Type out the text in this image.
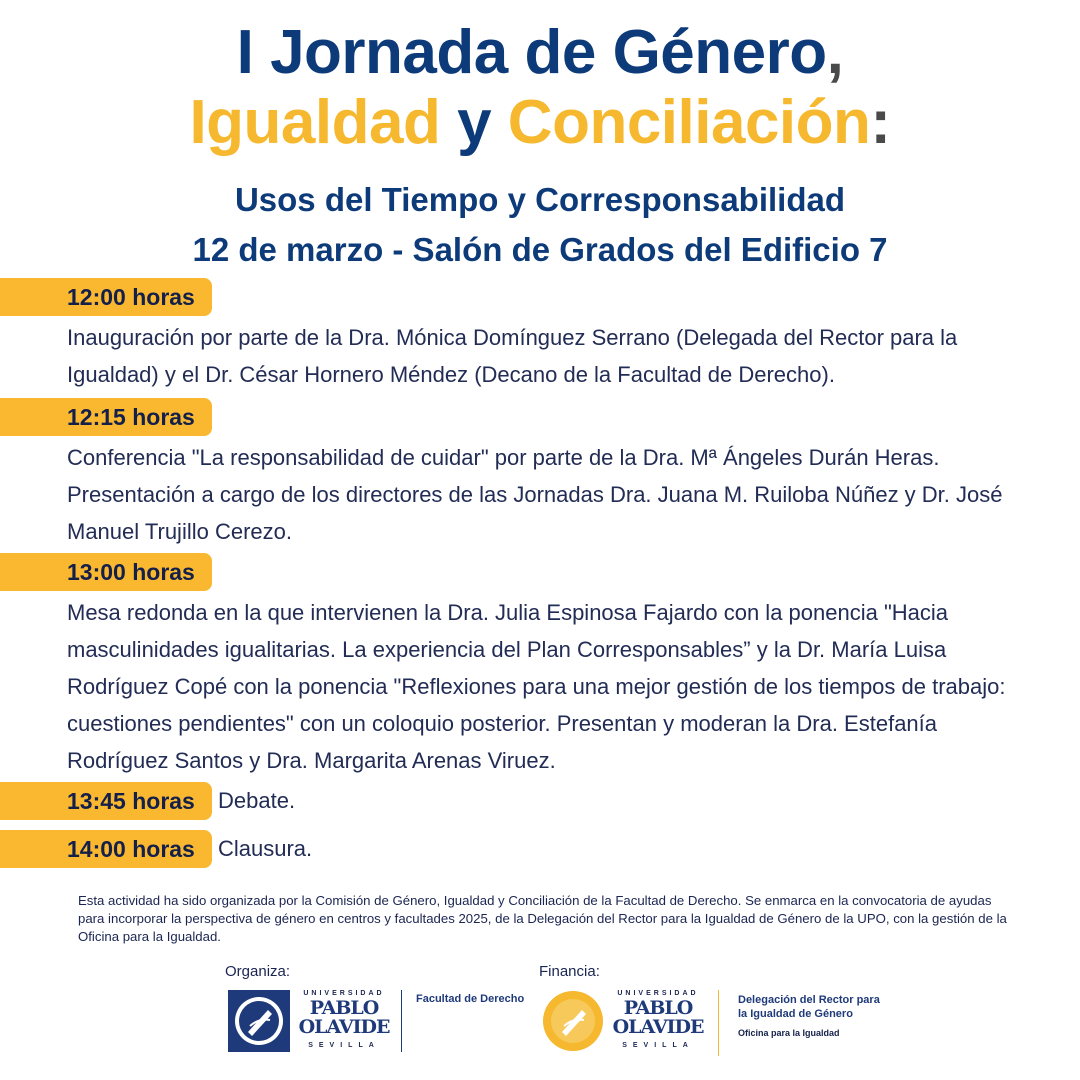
I Jornada de Género,
Igualdad y Conciliación:
Usos del Tiempo y Corresponsabilidad
12 de marzo - Salón de Grados del Edificio 7
12:00 horas

Inauguración por parte de la Dra. Mónica Domínguez Serrano (Delegada del Rector para la Igualdad) y el Dr. César Hornero Méndez (Decano de la Facultad de Derecho).

12:15 horas

Conferencia "La responsabilidad de cuidar" por parte de la Dra. Mª Ángeles Durán Heras. Presentación a cargo de los directores de las Jornadas Dra. Juana M. Ruiloba Núñez y Dr. José Manuel Trujillo Cerezo.

13:00 horas

Mesa redonda en la que intervienen la Dra. Julia Espinosa Fajardo con la ponencia "Hacia masculinidades igualitarias. La experiencia del Plan Corresponsables” y la Dr. María Luisa Rodríguez Copé con la ponencia "Reflexiones para una mejor gestión de los tiempos de trabajo: cuestiones pendientes" con un coloquio posterior. Presentan y moderan la Dra. Estefanía Rodríguez Santos y Dra. Margarita Arenas Viruez.

13:45 horas	Debate.
14:00 horas	Clausura.

Esta actividad ha sido organizada por la Comisión de Género, Igualdad y Conciliación de la Facultad de Derecho. Se enmarca en la convocatoria de ayudas para incorporar la perspectiva de género en centros y facultades 2025, de la Delegación del Rector para la Igualdad de Género de la UPO, con la gestión de la Oficina para la Igualdad.

Organiza:
UNIVERSIDAD
PABLO
OLAVIDE
SEVILLA
Facultad de Derecho
Financia:
UNIVERSIDAD
PABLO
OLAVIDE
SEVILLA
Delegación del Rector para
la Igualdad de Género
Oficina para la Igualdad
